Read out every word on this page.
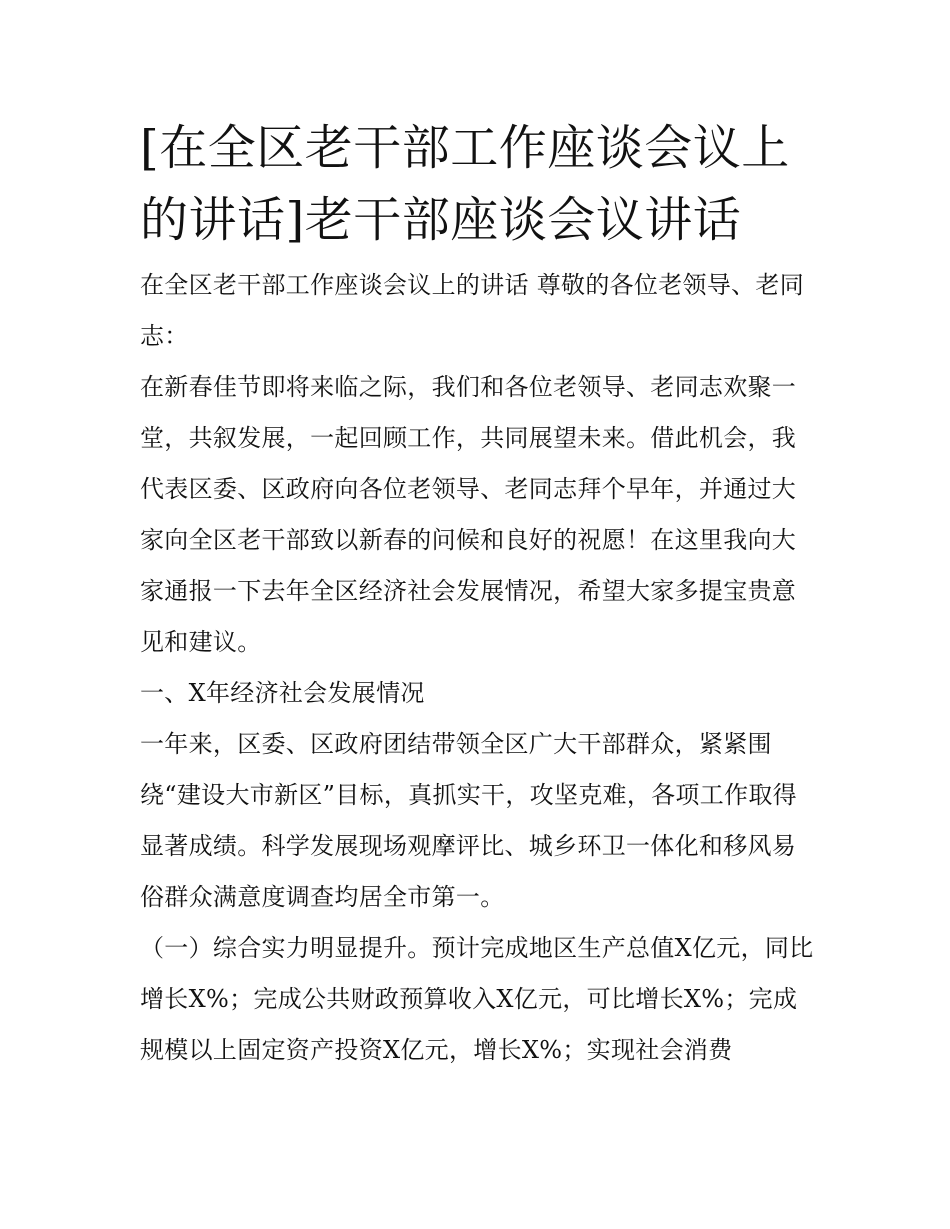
[在全区老干部工作座谈会议上的讲话]老干部座谈会议讲话

在全区老干部工作座谈会议上的讲话 尊敬的各位老领导、老同志：

在新春佳节即将来临之际，我们和各位老领导、老同志欢聚一堂，共叙发展，一起回顾工作，共同展望未来。借此机会，我代表区委、区政府向各位老领导、老同志拜个早年，并通过大家向全区老干部致以新春的问候和良好的祝愿！在这里我向大家通报一下去年全区经济社会发展情况，希望大家多提宝贵意见和建议。

一、X年经济社会发展情况

一年来，区委、区政府团结带领全区广大干部群众，紧紧围绕“建设大市新区”目标，真抓实干，攻坚克难，各项工作取得显著成绩。科学发展现场观摩评比、城乡环卫一体化和移风易俗群众满意度调查均居全市第一。

（一）综合实力明显提升。预计完成地区生产总值X亿元，同比增长X%；完成公共财政预算收入X亿元，可比增长X%；完成规模以上固定资产投资X亿元，增长X%；实现社会消费
